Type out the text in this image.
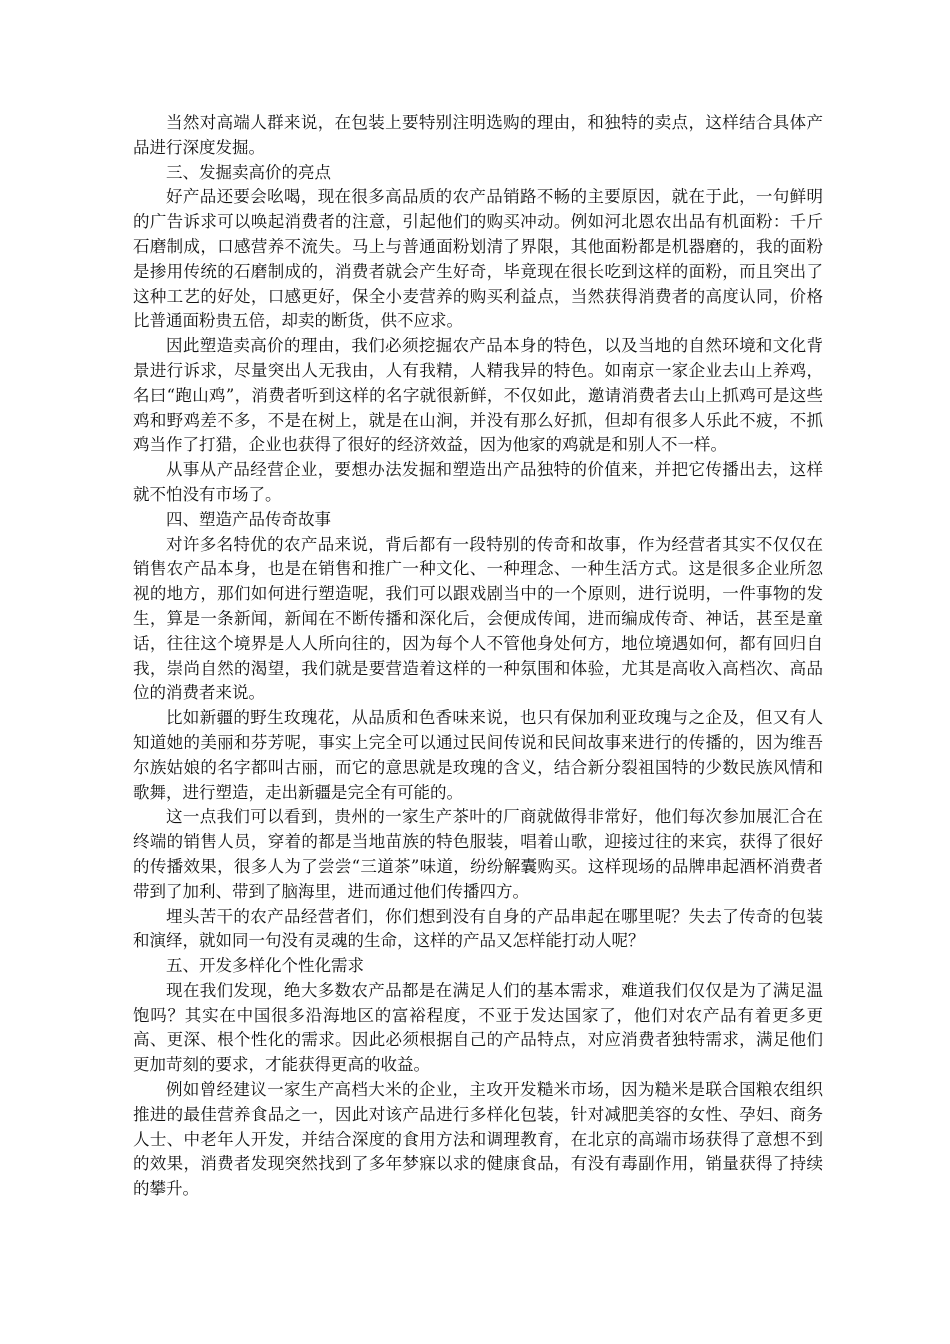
当然对高端人群来说，在包装上要特别注明选购的理由，和独特的卖点，这样结合具体产品进行深度发掘。

三、发掘卖高价的亮点

好产品还要会吆喝，现在很多高品质的农产品销路不畅的主要原因，就在于此，一句鲜明的广告诉求可以唤起消费者的注意，引起他们的购买冲动。例如河北恩农出品有机面粉：千斤石磨制成，口感营养不流失。马上与普通面粉划清了界限，其他面粉都是机器磨的，我的面粉是掺用传统的石磨制成的，消费者就会产生好奇，毕竟现在很长吃到这样的面粉，而且突出了这种工艺的好处，口感更好，保全小麦营养的购买利益点，当然获得消费者的高度认同，价格比普通面粉贵五倍，却卖的断货，供不应求。

因此塑造卖高价的理由，我们必须挖掘农产品本身的特色，以及当地的自然环境和文化背景进行诉求，尽量突出人无我由，人有我精，人精我异的特色。如南京一家企业去山上养鸡，名曰“跑山鸡”，消费者听到这样的名字就很新鲜，不仅如此，邀请消费者去山上抓鸡可是这些鸡和野鸡差不多，不是在树上，就是在山涧，并没有那么好抓，但却有很多人乐此不疲，不抓鸡当作了打猎，企业也获得了很好的经济效益，因为他家的鸡就是和别人不一样。

从事从产品经营企业，要想办法发掘和塑造出产品独特的价值来，并把它传播出去，这样就不怕没有市场了。

四、塑造产品传奇故事

对许多名特优的农产品来说，背后都有一段特别的传奇和故事，作为经营者其实不仅仅在销售农产品本身，也是在销售和推广一种文化、一种理念、一种生活方式。这是很多企业所忽视的地方，那们如何进行塑造呢，我们可以跟戏剧当中的一个原则，进行说明，一件事物的发生，算是一条新闻，新闻在不断传播和深化后，会便成传闻，进而编成传奇、神话，甚至是童话，往往这个境界是人人所向往的，因为每个人不管他身处何方，地位境遇如何，都有回归自我，崇尚自然的渴望，我们就是要营造着这样的一种氛围和体验，尤其是高收入高档次、高品位的消费者来说。

比如新疆的野生玫瑰花，从品质和色香味来说，也只有保加利亚玫瑰与之企及，但又有人知道她的美丽和芬芳呢，事实上完全可以通过民间传说和民间故事来进行的传播的，因为维吾尔族姑娘的名字都叫古丽，而它的意思就是玫瑰的含义，结合新分裂祖国特的少数民族风情和歌舞，进行塑造，走出新疆是完全有可能的。

这一点我们可以看到，贵州的一家生产茶叶的厂商就做得非常好，他们每次参加展汇合在终端的销售人员，穿着的都是当地苗族的特色服装，唱着山歌，迎接过往的来宾，获得了很好的传播效果，很多人为了尝尝“三道茶”味道，纷纷解囊购买。这样现场的品牌串起酒杯消费者带到了加利、带到了脑海里，进而通过他们传播四方。

埋头苦干的农产品经营者们，你们想到没有自身的产品串起在哪里呢？失去了传奇的包装和演绎，就如同一句没有灵魂的生命，这样的产品又怎样能打动人呢？

五、开发多样化个性化需求

现在我们发现，绝大多数农产品都是在满足人们的基本需求，难道我们仅仅是为了满足温饱吗？其实在中国很多沿海地区的富裕程度，不亚于发达国家了，他们对农产品有着更多更高、更深、根个性化的需求。因此必须根据自己的产品特点，对应消费者独特需求，满足他们更加苛刻的要求，才能获得更高的收益。

例如曾经建议一家生产高档大米的企业，主攻开发糙米市场，因为糙米是联合国粮农组织推进的最佳营养食品之一，因此对该产品进行多样化包装，针对减肥美容的女性、孕妇、商务人士、中老年人开发，并结合深度的食用方法和调理教育，在北京的高端市场获得了意想不到的效果，消费者发现突然找到了多年梦寐以求的健康食品，有没有毒副作用，销量获得了持续的攀升。
